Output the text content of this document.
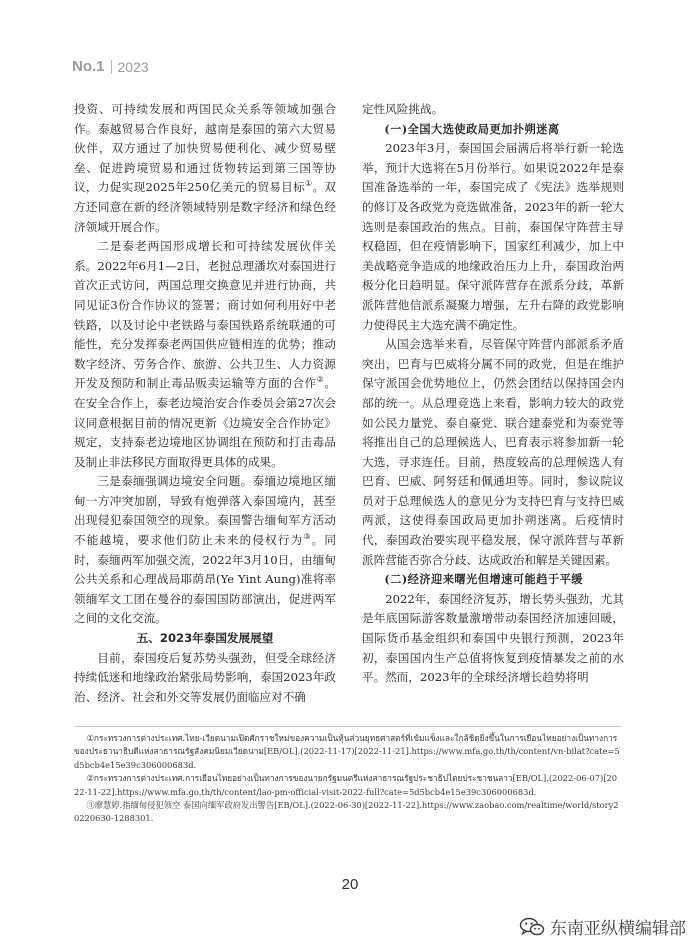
No.1 2023

投资、可持续发展和两国民众关系等领域加强合作。泰越贸易合作良好，越南是泰国的第六大贸易伙伴，双方通过了加快贸易便利化、减少贸易壁垒、促进跨境贸易和通过货物转运到第三国等协议，力促实现2025年250亿美元的贸易目标①。双方还同意在新的经济领域特别是数字经济和绿色经济领域开展合作。

二是泰老两国形成增长和可持续发展伙伴关系。2022年6月1—2日，老挝总理潘坎对泰国进行首次正式访问，两国总理交换意见并进行协商，共同见证3份合作协议的签署；商讨如何利用好中老铁路，以及讨论中老铁路与泰国铁路系统联通的可能性，充分发挥泰老两国供应链相连的优势；推动数字经济、劳务合作、旅游、公共卫生、人力资源开发及预防和制止毒品贩卖运输等方面的合作②。在安全合作上，泰老边境治安合作委员会第27次会议同意根据目前的情况更新《边境安全合作协定》规定，支持泰老边境地区协调组在预防和打击毒品及制止非法移民方面取得更具体的成果。

三是泰缅强调边境安全问题。泰缅边境地区缅甸一方冲突加剧，导致有炮弹落入泰国境内，甚至出现侵犯泰国领空的现象。泰国警告缅甸军方活动不能越境，要求他们防止未来的侵权行为③。同时，泰缅两军加强交流，2022年3月10日，由缅甸公共关系和心理战局耶荫昂(Ye Yint Aung)准将率领缅军文工团在曼谷的泰国国防部演出，促进两军之间的文化交流。

五、2023年泰国发展展望

目前，泰国疫后复苏势头强劲，但受全球经济持续低迷和地缘政治紧张局势影响，泰国2023年政治、经济、社会和外交等发展仍面临应对不确

定性风险挑战。

(一)全国大选使政局更加扑朔迷离

2023年3月，泰国国会届满后将举行新一轮选举，预计大选将在5月份举行。如果说2022年是泰国准备选举的一年，泰国完成了《宪法》选举规则的修订及各政党为竞选做准备，2023年的新一轮大选则是泰国政治的焦点。目前，泰国保守阵营主导权稳固，但在疫情影响下，国家红利减少，加上中美战略竞争造成的地缘政治压力上升，泰国政治两极分化日趋明显。保守派阵营存在派系分歧，革新派阵营他信派系凝聚力增强，左升右降的政党影响力使得民主大选充满不确定性。

从国会选举来看，尽管保守阵营内部派系矛盾突出，巴育与巴威将分属不同的政党，但是在维护保守派国会优势地位上，仍然会团结以保持国会内部的统一。从总理竞选上来看，影响力较大的政党如公民力量党、泰自豪党、联合建泰党和为泰党等将推出自己的总理候选人，巴育表示将参加新一轮大选，寻求连任。目前，热度较高的总理候选人有巴育、巴威、阿努廷和佩通坦等。同时，参议院议员对于总理候选人的意见分为支持巴育与支持巴威两派，这使得泰国政局更加扑朔迷离。后疫情时代，泰国政治要实现平稳发展，保守派阵营与革新派阵营能否弥合分歧、达成政治和解是关键因素。

(二)经济迎来曙光但增速可能趋于平缓

2022年，泰国经济复苏，增长势头强劲，尤其是年底国际游客数量激增带动泰国经济加速回暖，国际货币基金组织和泰国中央银行预测，2023年初，泰国国内生产总值将恢复到疫情暴发之前的水平。然而，2023年的全球经济增长趋势将明

①กระทรวงการต่างประเทศ.ไทย-เวียดนามเปิดศักราชใหม่ของความเป็นหุ้นส่วนยุทธศาสตร์ที่เข้มแข็งและใกล้ชิดยิ่งขึ้นในการเยือนไทยอย่างเป็นทางการของประธานาธิบดีแห่งสาธารณรัฐสังคมนิยมเวียดนาม[EB/OL].(2022-11-17)[2022-11-21].https://www.mfa.go.th/th/content/vn-bilat?cate=5d5bcb4e15e39c306000683d.

②กระทรวงการต่างประเทศ.การเยือนไทยอย่างเป็นทางการของนายกรัฐมนตรีแห่งสาธารณรัฐประชาธิปไตยประชาชนลาว[EB/OL].(2022-06-07)[2022-11-22].https://www.mfa.go.th/th/content/lao-pm-official-visit-2022-full?cate=5d5bcb4e15e39c306000683d.

③廖慧婷.指缅甸侵犯领空 泰国向缅军政府发出警告[EB/OL].(2022-06-30)[2022-11-22].https://www.zaobao.com/realtime/world/story20220630-1288301.

20
东南亚纵横编辑部
